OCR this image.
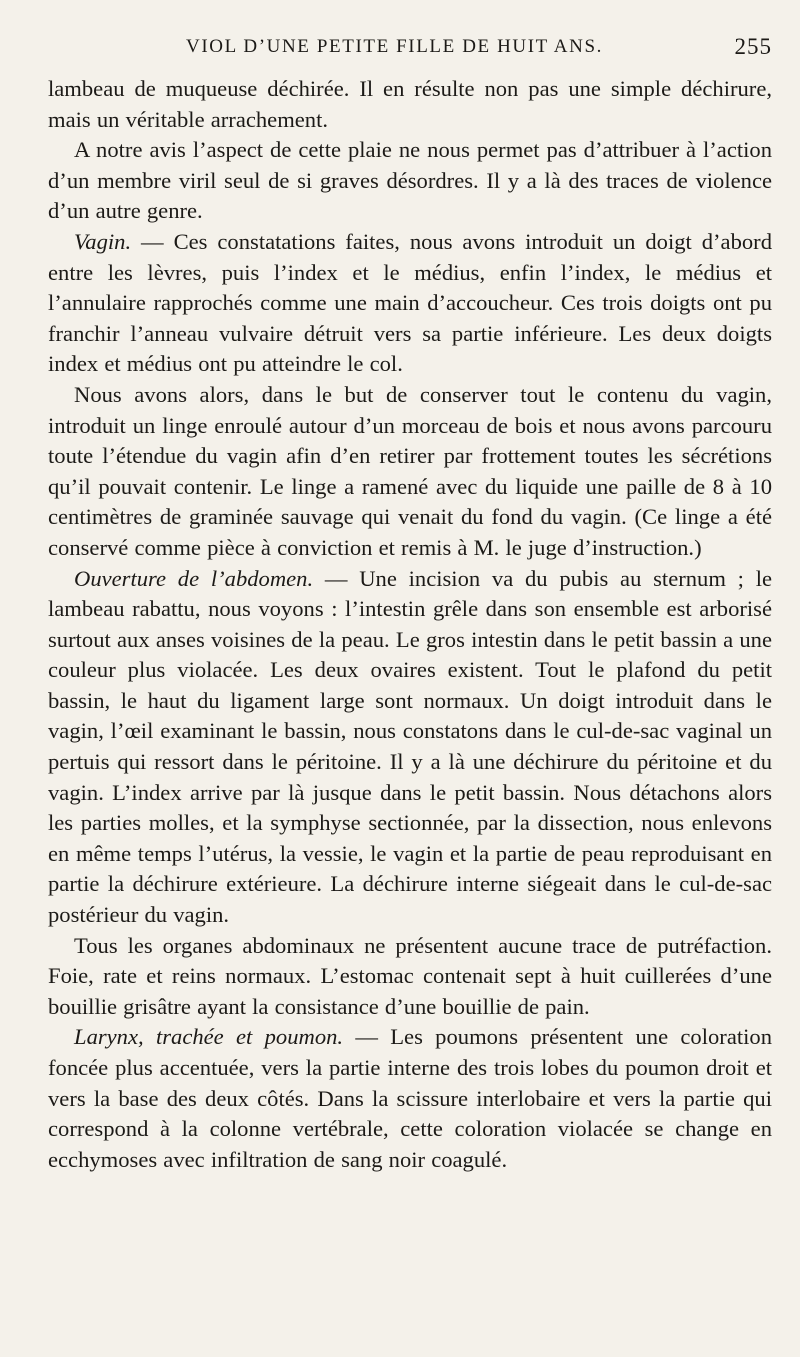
VIOL D’UNE PETITE FILLE DE HUIT ANS.	255

lambeau de muqueuse déchirée. Il en résulte non pas une simple déchirure, mais un véritable arrachement.

A notre avis l’aspect de cette plaie ne nous permet pas d’attribuer à l’action d’un membre viril seul de si graves désordres. Il y a là des traces de violence d’un autre genre.

Vagin. — Ces constatations faites, nous avons introduit un doigt d’abord entre les lèvres, puis l’index et le médius, enfin l’index, le médius et l’annulaire rapprochés comme une main d’accoucheur. Ces trois doigts ont pu franchir l’anneau vulvaire détruit vers sa partie inférieure. Les deux doigts index et médius ont pu atteindre le col.

Nous avons alors, dans le but de conserver tout le contenu du vagin, introduit un linge enroulé autour d’un morceau de bois et nous avons parcouru toute l’étendue du vagin afin d’en retirer par frottement toutes les sécrétions qu’il pouvait contenir. Le linge a ramené avec du liquide une paille de 8 à 10 centimètres de graminée sauvage qui venait du fond du vagin. (Ce linge a été conservé comme pièce à conviction et remis à M. le juge d’instruction.)

Ouverture de l’abdomen. — Une incision va du pubis au sternum ; le lambeau rabattu, nous voyons : l’intestin grêle dans son ensemble est arborisé surtout aux anses voisines de la peau. Le gros intestin dans le petit bassin a une couleur plus violacée. Les deux ovaires existent. Tout le plafond du petit bassin, le haut du ligament large sont normaux. Un doigt introduit dans le vagin, l’œil examinant le bassin, nous constatons dans le cul-de-sac vaginal un pertuis qui ressort dans le péritoine. Il y a là une déchirure du péritoine et du vagin. L’index arrive par là jusque dans le petit bassin. Nous détachons alors les parties molles, et la symphyse sectionnée, par la dissection, nous enlevons en même temps l’utérus, la vessie, le vagin et la partie de peau reproduisant en partie la déchirure extérieure. La déchirure interne siégeait dans le cul-de-sac postérieur du vagin.

Tous les organes abdominaux ne présentent aucune trace de putréfaction. Foie, rate et reins normaux. L’estomac contenait sept à huit cuillerées d’une bouillie grisâtre ayant la consistance d’une bouillie de pain.

Larynx, trachée et poumon. — Les poumons présentent une coloration foncée plus accentuée, vers la partie interne des trois lobes du poumon droit et vers la base des deux côtés. Dans la scissure interlobaire et vers la partie qui correspond à la colonne vertébrale, cette coloration violacée se change en ecchymoses avec infiltration de sang noir coagulé.
